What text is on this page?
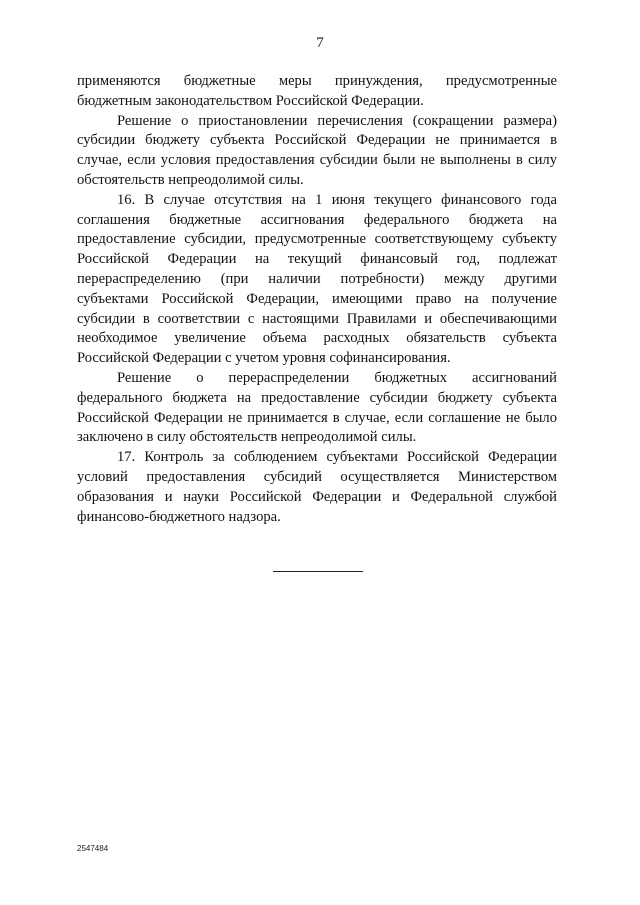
7
применяются бюджетные меры принуждения, предусмотренные
бюджетным законодательством Российской Федерации.
Решение о приостановлении перечисления (сокращении размера)
субсидии бюджету субъекта Российской Федерации не принимается в
случае, если условия предоставления субсидии были не выполнены в силу
обстоятельств непреодолимой силы.
16. В случае отсутствия на 1 июня текущего финансового года
соглашения бюджетные ассигнования федерального бюджета на
предоставление субсидии, предусмотренные соответствующему субъекту
Российской Федерации на текущий финансовый год, подлежат
перераспределению (при наличии потребности) между другими
субъектами Российской Федерации, имеющими право на получение
субсидии в соответствии с настоящими Правилами и обеспечивающими
необходимое увеличение объема расходных обязательств субъекта
Российской Федерации с учетом уровня софинансирования.
Решение о перераспределении бюджетных ассигнований
федерального бюджета на предоставление субсидии бюджету субъекта
Российской Федерации не принимается в случае, если соглашение не было
заключено в силу обстоятельств непреодолимой силы.
17. Контроль за соблюдением субъектами Российской Федерации
условий предоставления субсидий осуществляется Министерством
образования и науки Российской Федерации и Федеральной службой
финансово-бюджетного надзора.
2547484
